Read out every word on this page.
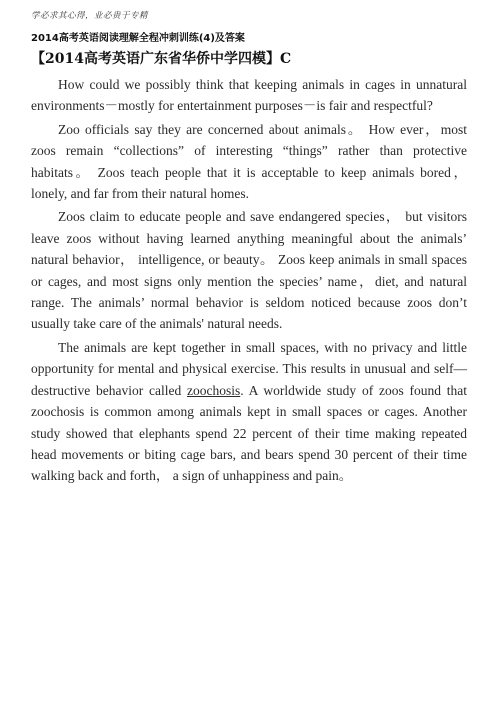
学必求其心得，业必贵于专精
2014高考英语阅读理解全程冲刺训练(4)及答案
【2014高考英语广东省华侨中学四模】C

How could we possibly think that keeping animals in cages in unnatural environments－mostly for entertainment purposes－is fair and respectful?

Zoo officials say they are concerned about animals。 How ever，most zoos remain “collections” of interesting “things” rather than protective habitats。 Zoos teach people that it is acceptable to keep animals bored， lonely, and far from their natural homes.

Zoos claim to educate people and save endangered species， but visitors leave zoos without having learned anything meaningful about the animals’ natural behavior， intelligence, or beauty。 Zoos keep animals in small spaces or cages, and most signs only mention the species’ name，diet, and natural range. The animals’ normal behavior is seldom noticed because zoos don’t usually take care of the animals' natural needs.

The animals are kept together in small spaces, with no privacy and little opportunity for mental and physical exercise. This results in unusual and self—destructive behavior called zoochosis. A worldwide study of zoos found that zoochosis is common among animals kept in small spaces or cages. Another study showed that elephants spend 22 percent of their time making repeated head movements or biting cage bars, and bears spend 30 percent of their time walking back and forth， a sign of unhappiness and pain。
